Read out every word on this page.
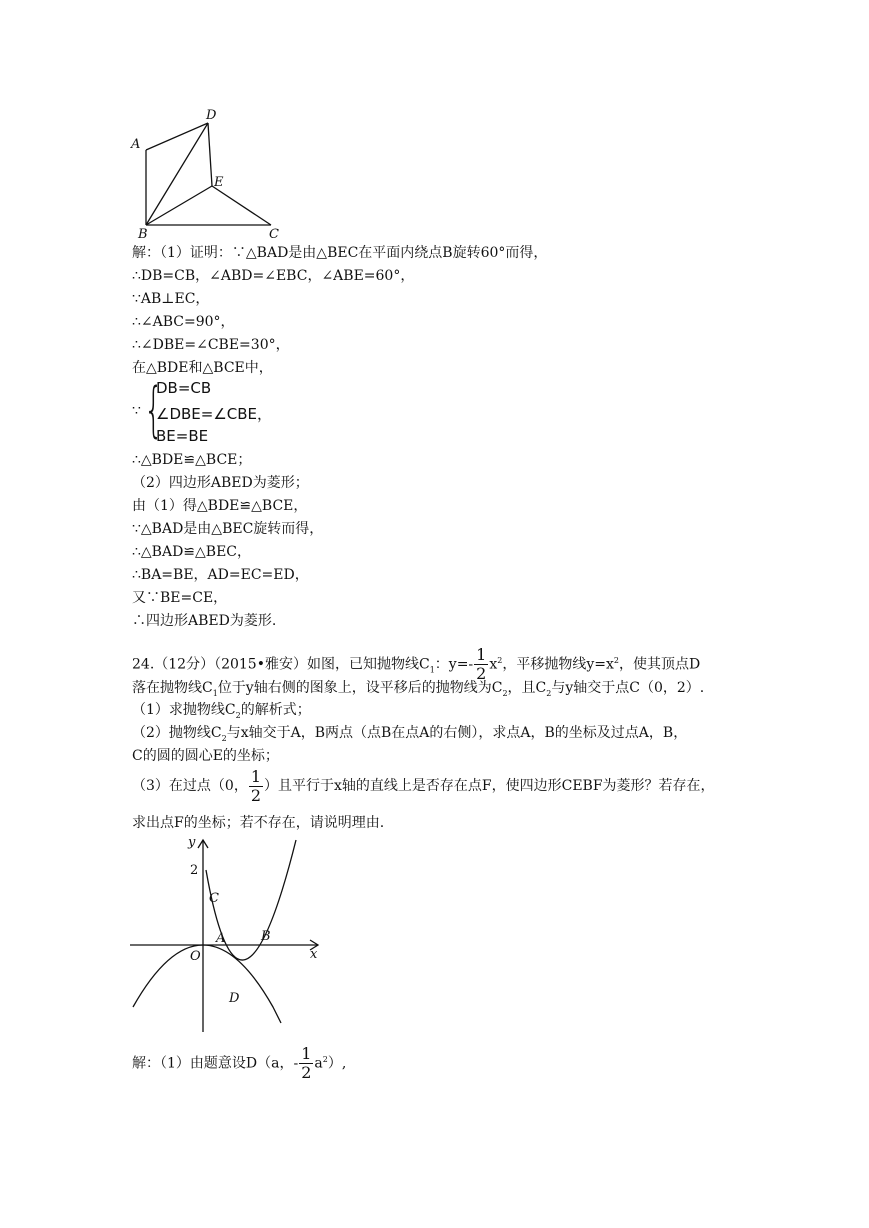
A
D
E
B	C
解：（1）证明：∵△BAD是由△BEC在平面内绕点B旋转60°而得，
∴DB=CB，∠ABD=∠EBC，∠ABE=60°，
∵AB⊥EC，
∴∠ABC=90°，
∴∠DBE=∠CBE=30°，
在△BDE和△BCE中，
∵ {
DB=CB
∠DBE=∠CBE，
BE=BE
∴△BDE≌△BCE；
（2）四边形ABED为菱形；
由（1）得△BDE≌△BCE，
∵△BAD是由△BEC旋转而得，
∴△BAD≌△BEC，
∴BA=BE，AD=EC=ED，
又∵BE=CE，
∴四边形ABED为菱形.
24.（12分）（2015•雅安）如图，已知抛物线$C_1$：$y=- \frac{1}{2} x^2$，平移抛物线$y=x^2$，使其顶点D
落在抛物线$C_1$位于y轴右侧的图象上，设平移后的抛物线为$C_2$，且$C_2$与y轴交于点C（0，2）.
（1）求抛物线$C_2$的解析式；
（2）抛物线$C_2$与x轴交于A，B两点（点B在点A的右侧），求点A，B的坐标及过点A，B，
C的圆的圆心E的坐标；
（3）在过点（0， $\frac{1}{2}$ ）且平行于x轴的直线上是否存在点F，使四边形CEBF为菱形？若存在，
求出点F的坐标；若不存在，请说明理由.
y
2
C
A	B
O	x
D
解：（1）由题意设D（a，- $\frac{1}{2} a^2$）,
